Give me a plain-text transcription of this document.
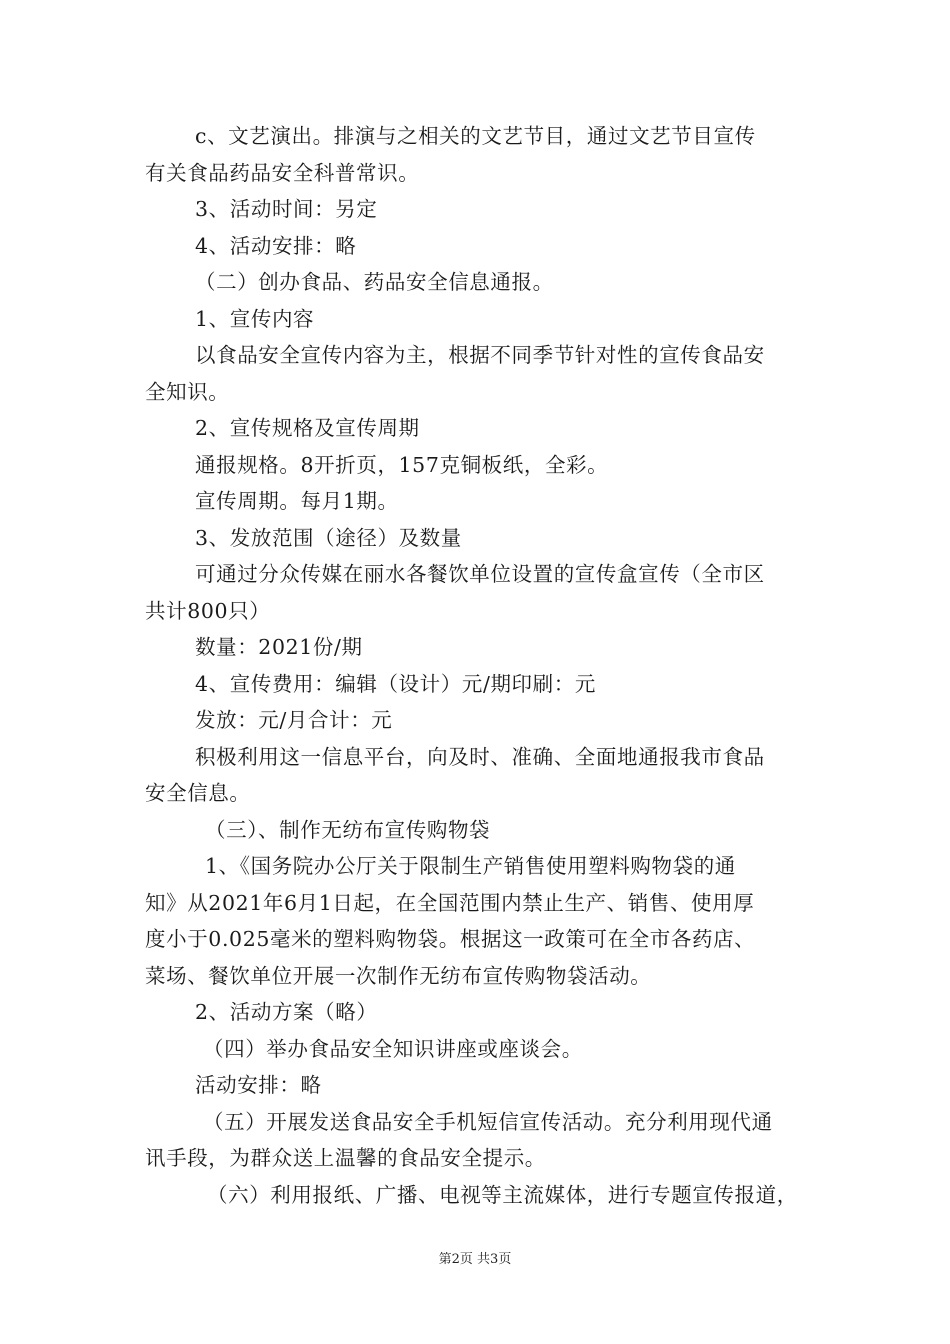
c、文艺演出。排演与之相关的文艺节目，通过文艺节目宣传
有关食品药品安全科普常识。
3、活动时间：另定
4、活动安排：略
（二）创办食品、药品安全信息通报。
1、宣传内容
以食品安全宣传内容为主，根据不同季节针对性的宣传食品安
全知识。
2、宣传规格及宣传周期
通报规格。8开折页，157克铜板纸，全彩。
宣传周期。每月1期。
3、发放范围（途径）及数量
可通过分众传媒在丽水各餐饮单位设置的宣传盒宣传（全市区
共计800只）
数量：2021份/期
4、宣传费用：编辑（设计）元/期印刷：元
发放：元/月合计：元
积极利用这一信息平台，向及时、准确、全面地通报我市食品
安全信息。
（三）、制作无纺布宣传购物袋
1、《国务院办公厅关于限制生产销售使用塑料购物袋的通
知》从2021年6月1日起，在全国范围内禁止生产、销售、使用厚
度小于0.025毫米的塑料购物袋。根据这一政策可在全市各药店、
菜场、餐饮单位开展一次制作无纺布宣传购物袋活动。
2、活动方案（略）
（四）举办食品安全知识讲座或座谈会。
活动安排：略
（五）开展发送食品安全手机短信宣传活动。充分利用现代通
讯手段，为群众送上温馨的食品安全提示。
（六）利用报纸、广播、电视等主流媒体，进行专题宣传报道，
第2页 共3页
